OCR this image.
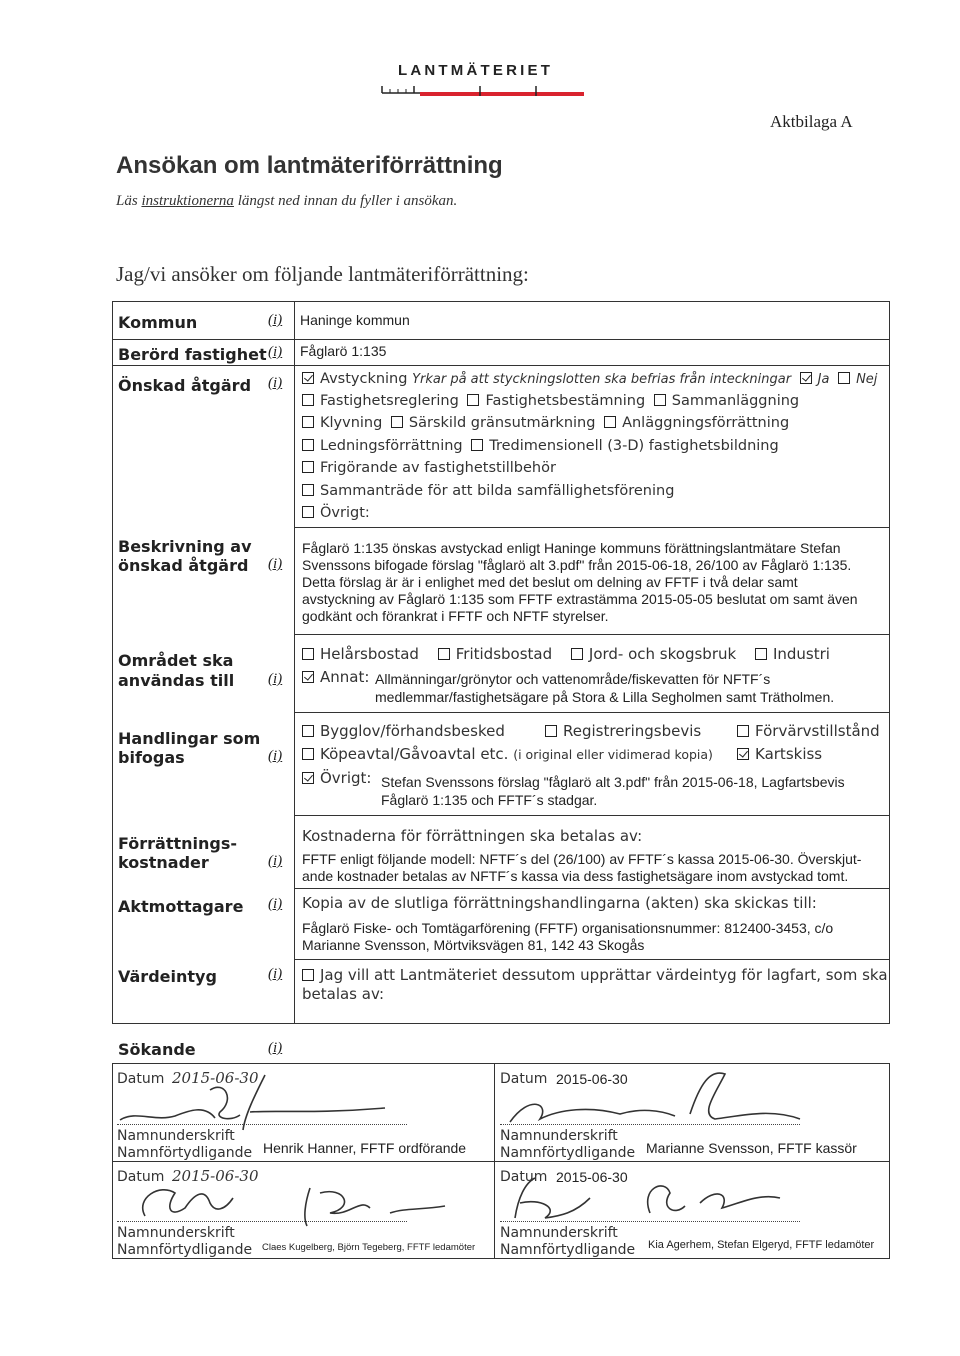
LANTMÄTERIET
Aktbilaga A
Ansökan om lantmäteriförrättning
Läs instruktionerna längst ned innan du fyller i ansökan.
Jag/vi ansöker om följande lantmäteriförrättning:
Kommun	(i) Haninge kommun
Berörd fastighet (i) Fåglarö 1:135
Önskad åtgärd (i)	Avstyckning Yrkar på att styckningslotten ska befrias från inteckningar Ja Nej
Fastighetsreglering Fastighetsbestämning Sammanläggning
Klyvning Särskild gränsutmärkning Anläggningsförrättning
Ledningsförrättning Tredimensionell (3-D) fastighetsbildning
Frigörande av fastighetstillbehör
Sammanträde för att bilda samfällighetsförening
Övrigt:
Beskrivning av
önskad åtgärd (i)
Fåglarö 1:135 önskas avstyckad enligt Haninge kommuns förättningslantmätare Stefan
Svenssons bifogade förslag "fåglarö alt 3.pdf" från 2015-06-18, 26/100 av Fåglarö 1:135.
Detta förslag är är i enlighet med det beslut om delning av FFTF i två delar samt
avstyckning av Fåglarö 1:135 som FFTF extrastämma 2015-05-05 beslutat om samt även
godkänt och förankrat i FFTF och NFTF styrelser.
Området ska
användas till (i)
Helårsbostad Fritidsbostad Jord- och skogsbruk Industri
Annat: Allmänningar/grönytor och vattenområde/fiskevatten för NFTF´s
medlemmar/fastighetsägare på Stora & Lilla Segholmen samt Trätholmen.
Handlingar som
bifogas	(i)
Bygglov/förhandsbesked	Registreringsbevis	Förvärvstillstånd
Köpeavtal/Gåvoavtal etc. (i original eller vidimerad kopia)	Kartskiss
Övrigt: Stefan Svenssons förslag "fåglarö alt 3.pdf" från 2015-06-18, Lagfartsbevis
Fåglarö 1:135 och FFTF´s stadgar.
Förrättnings-
kostnader	(i)
Kostnaderna för förrättningen ska betalas av:
FFTF enligt följande modell: NFTF´s del (26/100) av FFTF´s kassa 2015-06-30. Överskjut-
ande kostnader betalas av NFTF´s kassa via dess fastighetsägare inom avstyckad tomt.
Aktmottagare (i) Kopia av de slutliga förrättningshandlingarna (akten) ska skickas till:
Fåglarö Fiske- och Tomtägarförening (FFTF) organisationsnummer: 812400-3453, c/o
Marianne Svensson, Mörtviksvägen 81, 142 43 Skogås
Värdeintyg	(i)	Jag vill att Lantmäteriet dessutom upprättar värdeintyg för lagfart, som ska
betalas av:
Sökande	(i)
Datum 2015-06-30
Namnunderskrift
Namnförtydligande Henrik Hanner, FFTF ordförande
Datum 2015-06-30
Namnunderskrift
Namnförtydligande Marianne Svensson, FFTF kassör
Datum 2015-06-30
Namnunderskrift
Namnförtydligande Claes Kugelberg, Björn Tegeberg, FFTF ledamöter
Datum 2015-06-30
Namnunderskrift
Namnförtydligande Kia Agerhem, Stefan Elgeryd, FFTF ledamöter
